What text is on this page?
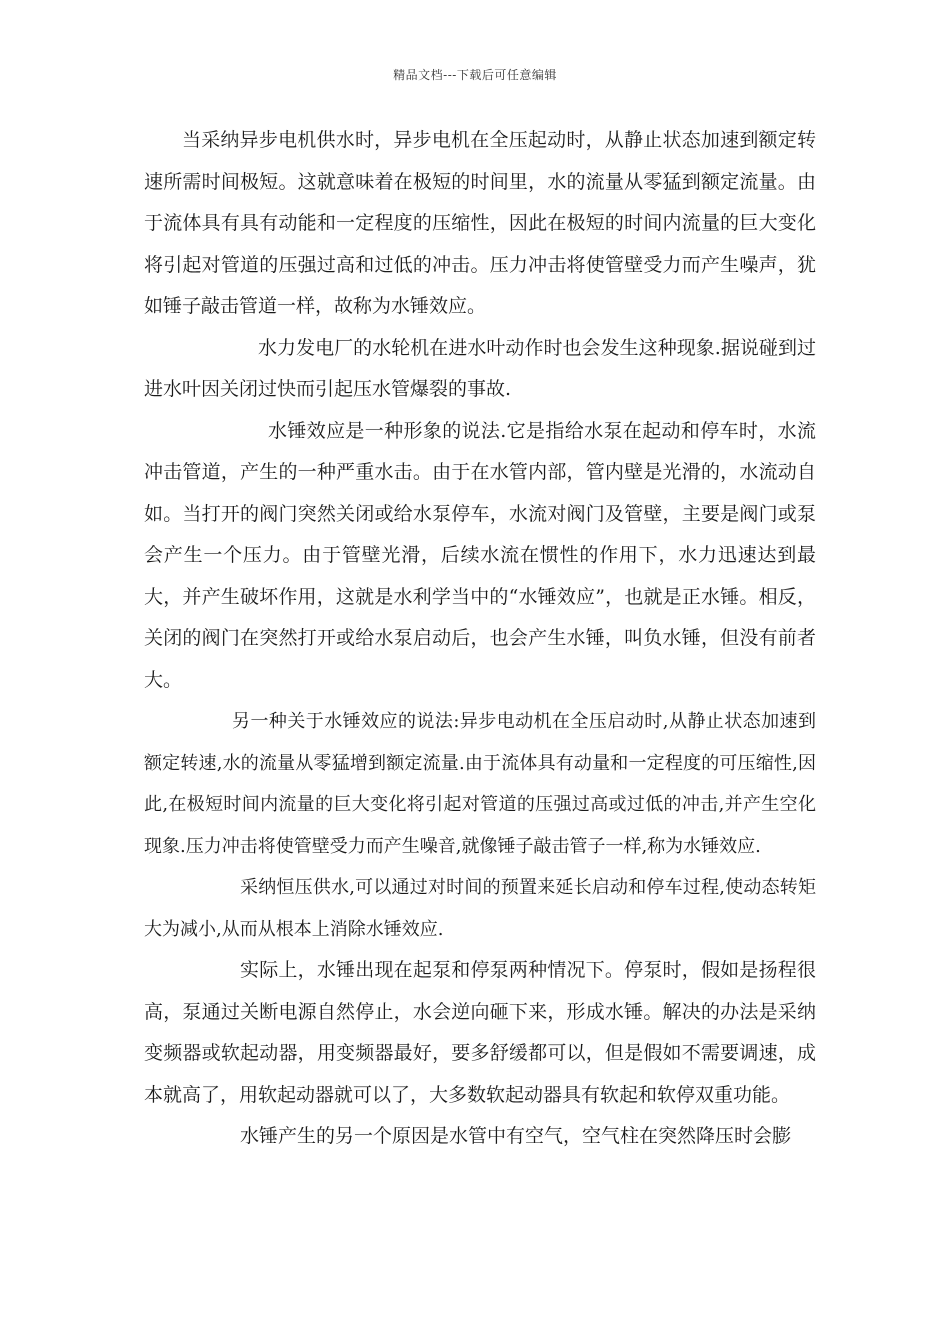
精品文档---下载后可任意编辑

当采纳异步电机供水时，异步电机在全压起动时，从静止状态加速到额定转速所需时间极短。这就意味着在极短的时间里，水的流量从零猛到额定流量。由于流体具有具有动能和一定程度的压缩性，因此在极短的时间内流量的巨大变化将引起对管道的压强过高和过低的冲击。压力冲击将使管壁受力而产生噪声，犹如锤子敲击管道一样，故称为水锤效应。

水力发电厂的水轮机在进水叶动作时也会发生这种现象.据说碰到过进水叶因关闭过快而引起压水管爆裂的事故.

水锤效应是一种形象的说法.它是指给水泵在起动和停车时，水流冲击管道，产生的一种严重水击。由于在水管内部，管内壁是光滑的，水流动自如。当打开的阀门突然关闭或给水泵停车，水流对阀门及管壁，主要是阀门或泵会产生一个压力。由于管壁光滑，后续水流在惯性的作用下，水力迅速达到最大，并产生破坏作用，这就是水利学当中的“水锤效应”，也就是正水锤。相反，关闭的阀门在突然打开或给水泵启动后，也会产生水锤，叫负水锤，但没有前者大。

另一种关于水锤效应的说法:异步电动机在全压启动时,从静止状态加速到额定转速,水的流量从零猛增到额定流量.由于流体具有动量和一定程度的可压缩性,因此,在极短时间内流量的巨大变化将引起对管道的压强过高或过低的冲击,并产生空化现象.压力冲击将使管壁受力而产生噪音,就像锤子敲击管子一样,称为水锤效应.

采纳恒压供水,可以通过对时间的预置来延长启动和停车过程,使动态转矩大为减小,从而从根本上消除水锤效应.

实际上，水锤出现在起泵和停泵两种情况下。停泵时，假如是扬程很高，泵通过关断电源自然停止，水会逆向砸下来，形成水锤。解决的办法是采纳变频器或软起动器，用变频器最好，要多舒缓都可以，但是假如不需要调速，成本就高了，用软起动器就可以了，大多数软起动器具有软起和软停双重功能。

水锤产生的另一个原因是水管中有空气，空气柱在突然降压时会膨
